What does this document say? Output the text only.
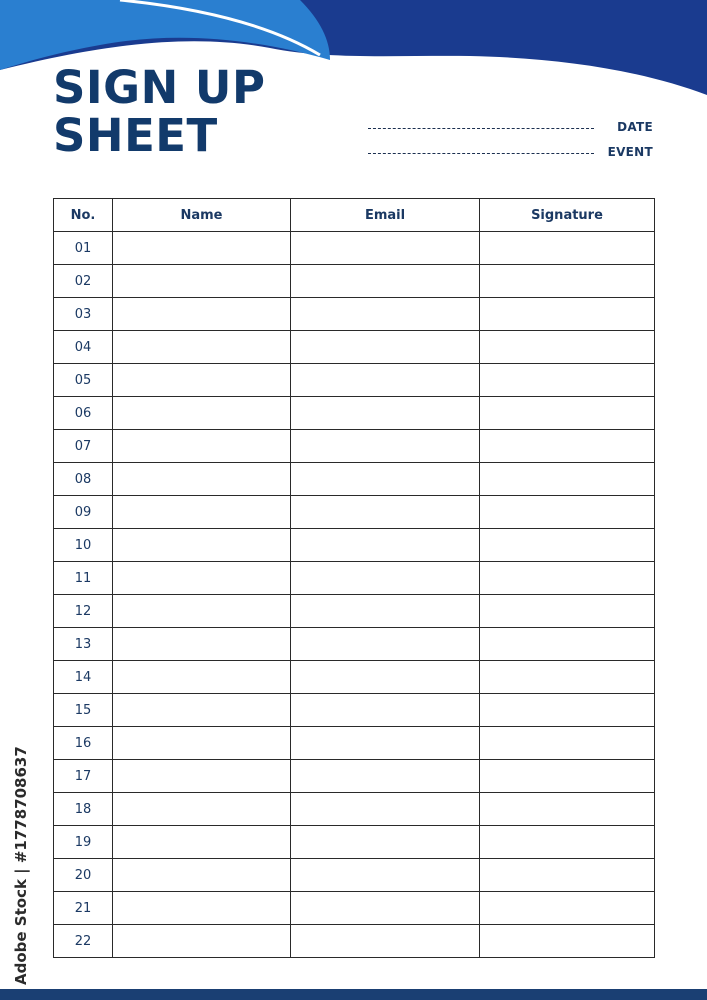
SIGN UP
SHEET	DATE
EVENT
No.	Name	Email	Signature
01			
02			
03			
04			
05			
06			
07			
08			
09			
10			
11			
12			
13			
14			
15			
16			
17			
18			
19			
20			
21			
22			
Adobe Stock | #1778708637
